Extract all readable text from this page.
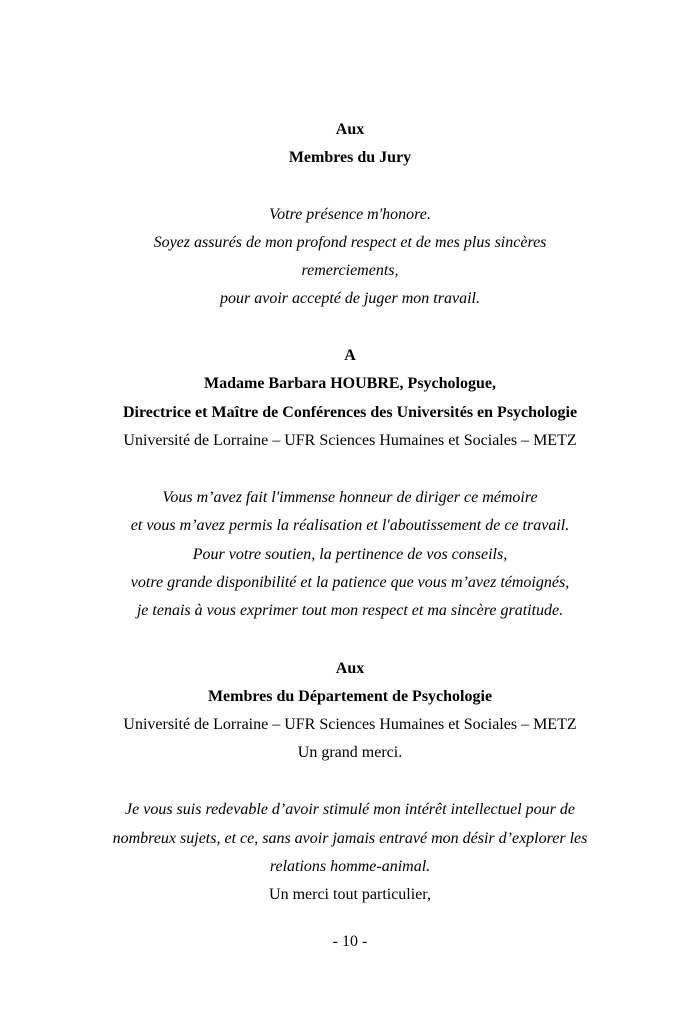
Aux
Membres du Jury
Votre présence m'honore.
Soyez assurés de mon profond respect et de mes plus sincères
remerciements,
pour avoir accepté de juger mon travail.
A
Madame Barbara HOUBRE, Psychologue,
Directrice et Maître de Conférences des Universités en Psychologie
Université de Lorraine – UFR Sciences Humaines et Sociales – METZ
Vous m’avez fait l'immense honneur de diriger ce mémoire
et vous m’avez permis la réalisation et l'aboutissement de ce travail.
Pour votre soutien, la pertinence de vos conseils,
votre grande disponibilité et la patience que vous m’avez témoignés,
je tenais à vous exprimer tout mon respect et ma sincère gratitude.
Aux
Membres du Département de Psychologie
Université de Lorraine – UFR Sciences Humaines et Sociales – METZ
Un grand merci.
Je vous suis redevable d’avoir stimulé mon intérêt intellectuel pour de
nombreux sujets, et ce, sans avoir jamais entravé mon désir d’explorer les
relations homme-animal.
Un merci tout particulier,
- 10 -
